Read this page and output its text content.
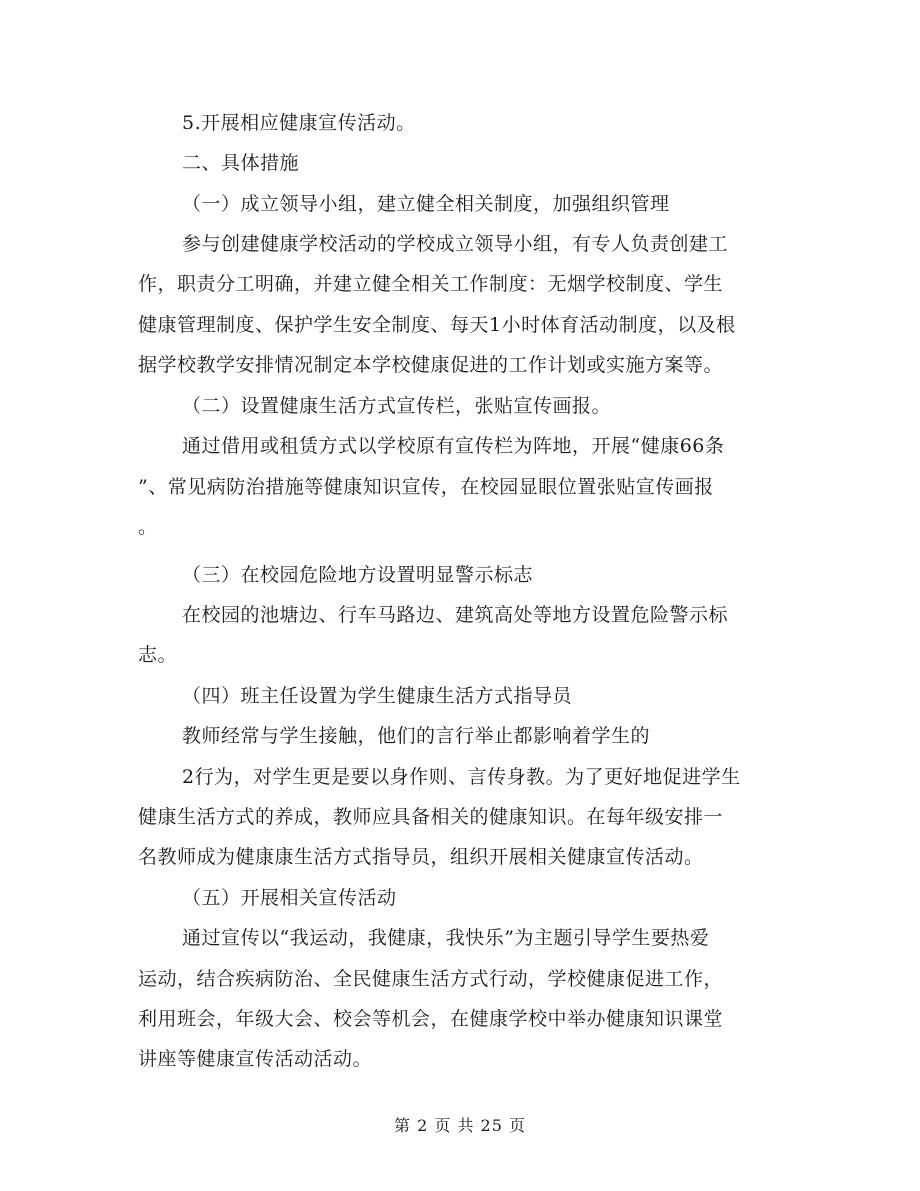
5.开展相应健康宣传活动。
二、具体措施
（一）成立领导小组，建立健全相关制度，加强组织管理
参与创建健康学校活动的学校成立领导小组，有专人负责创建工
作，职责分工明确，并建立健全相关工作制度：无烟学校制度、学生
健康管理制度、保护学生安全制度、每天1小时体育活动制度，以及根
据学校教学安排情况制定本学校健康促进的工作计划或实施方案等。
（二）设置健康生活方式宣传栏，张贴宣传画报。
通过借用或租赁方式以学校原有宣传栏为阵地，开展“健康66条
”、常见病防治措施等健康知识宣传，在校园显眼位置张贴宣传画报
。
（三）在校园危险地方设置明显警示标志
在校园的池塘边、行车马路边、建筑高处等地方设置危险警示标
志。
（四）班主任设置为学生健康生活方式指导员
教师经常与学生接触，他们的言行举止都影响着学生的
2行为，对学生更是要以身作则、言传身教。为了更好地促进学生
健康生活方式的养成，教师应具备相关的健康知识。在每年级安排一
名教师成为健康康生活方式指导员，组织开展相关健康宣传活动。
（五）开展相关宣传活动
通过宣传以“我运动，我健康，我快乐”为主题引导学生要热爱
运动，结合疾病防治、全民健康生活方式行动，学校健康促进工作，
利用班会，年级大会、校会等机会，在健康学校中举办健康知识课堂
讲座等健康宣传活动活动。
第 2 页 共 25 页
